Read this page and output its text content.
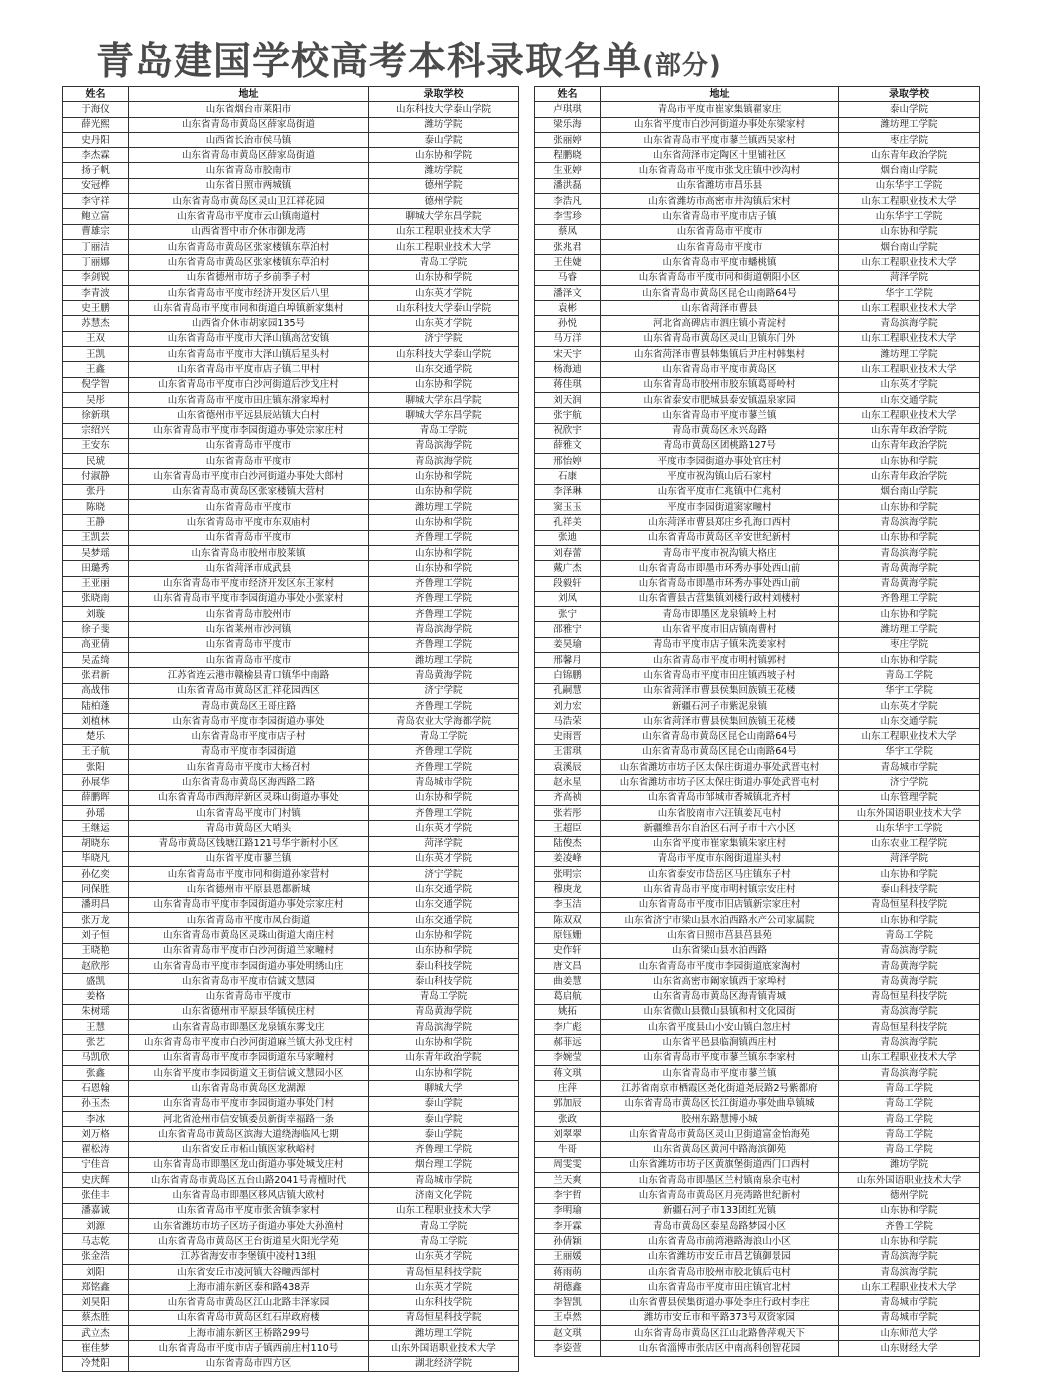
青岛建国学校高考本科录取名单(部分)
姓名	地址	录取学校
于海仪	山东省烟台市莱阳市	山东科技大学泰山学院
薛光熙	山东省青岛市黄岛区薛家岛街道	潍坊学院
史丹阳	山西省长治市侯马镇	泰山学院
李杰霖	山东省青岛市黄岛区薛家岛街道	山东协和学院
扬子帆	山东省青岛市胶南市	潍坊学院
安冠桦	山东省日照市两城镇	德州学院
李守祥	山东省青岛市黄岛区灵山卫江祥花园	德州学院
鲍立富	山东省青岛市平度市云山镇南道村	聊城大学东昌学院
曹雄宗	山西省晋中市介休市御龙湾	山东工程职业技术大学
丁丽洁	山东省青岛市黄岛区张家楼镇东草泊村	山东工程职业技术大学
丁丽娜	山东省青岛市黄岛区张家楼镇东草泊村	青岛工学院
李剑锐	山东省德州市坊子乡前季子村	山东协和学院
李青波	山东省青岛市平度市经济开发区后八里	山东英才学院
史王鹏	山东省青岛市平度市同和街道白埠镇新家集村	山东科技大学泰山学院
苏慧杰	山西省介休市胡家园135号	山东英才学院
王双	山东省青岛市平度市大泽山镇高岔安镇	济宁学院
王凯	山东省青岛市平度市大泽山镇后星头村	山东科技大学泰山学院
王鑫	山东省青岛市平度市店子镇二甲村	山东交通学院
倪学智	山东省青岛市平度市白沙河街道后沙戈庄村	山东协和学院
吴彤	山东省青岛市平度市田庄镇东滑家埠村	聊城大学东昌学院
徐新琪	山东省德州市平远县辰站镇大白村	聊城大学东昌学院
宗绍兴	山东省青岛市平度市李园街道办事处宗家庄村	青岛工学院
王安东	山东省青岛市平度市	青岛滨海学院
民琥	山东省青岛市平度市	青岛滨海学院
付淑静	山东省青岛市平度市白沙河街道办事处大郎村	山东协和学院
张丹	山东省青岛市黄岛区张家楼镇大营村	山东协和学院
陈晓	山东省青岛市平度市	潍坊理工学院
王静	山东省青岛市平度市东双庙村	山东协和学院
王凯芸	山东省青岛市平度市	齐鲁理工学院
吴梦瑶	山东省青岛市胶州市胶莱镇	山东协和学院
田璐秀	山东省菏泽市成武县	山东协和学院
王亚丽	山东省青岛市平度市经济开发区东王家村	齐鲁理工学院
张晓南	山东省青岛市平度市李园街道办事处小张家村	齐鲁理工学院
刘璇	山东省青岛市胶州市	齐鲁理工学院
徐子斐	山东省莱州市沙河镇	青岛滨海学院
高亚倩	山东省青岛市平度市	齐鲁理工学院
吴孟绮	山东省青岛市平度市	潍坊理工学院
张君新	江苏省连云港市赣榆县青口镇华中南路	青岛黄海学院
高战伟	山东省青岛市黄岛区汇祥花园西区	济宁学院
陆柏蓬	青岛市黄岛区王哥庄路	齐鲁理工学院
刘植林	山东省青岛市平度市李园街道办事处	青岛农业大学海都学院
楚乐	山东省青岛市平度市店子村	青岛工学院
王子航	青岛市平度市李园街道	齐鲁理工学院
张阳	山东省青岛市平度市大杨召村	齐鲁理工学院
孙展华	山东省青岛市黄岛区海西路二路	青岛城市学院
薛鹏晖	山东省青岛市西海岸新区灵珠山街道办事处	山东协和学院
孙瑶	山东省青岛平度市门村镇	齐鲁理工学院
王继运	青岛市黄岛区大哨头	山东英才学院
胡晓东	青岛市黄岛区钱塘江路121号华宇新村小区	菏泽学院
毕晓凡	山东省平度市蓼兰镇	山东英才学院
孙亿奕	山东省青岛市平度市同和街道孙家营村	济宁学院
同保胜	山东省德州市平原县恩都新城	山东交通学院
潘玥昌	山东省青岛市平度市李园街道办事处宗家庄村	山东交通学院
张万龙	山东省青岛市平度市凤台街道	山东交通学院
刘子恒	山东省青岛市黄岛区灵珠山街道大南庄村	山东协和学院
王晓艳	山东省青岛市平度市白沙河街道兰家疃村	山东协和学院
赵欣彤	山东省青岛市平度市李园街道办事处明绣山庄	泰山科技学院
盛凯	山东省青岛市平度市信诚文慧园	泰山科技学院
姜格	山东省青岛市平度市	青岛工学院
朱树瑶	山东省德州市平原县华镇侯庄村	青岛黄海学院
王慧	山东省青岛市即墨区龙泉镇东雾戈庄	青岛滨海学院
张艺	山东省青岛市平度市白沙河街道麻兰镇大孙戈庄村	山东协和学院
马凯欣	山东省青岛市平度市李园街道东马家疃村	山东青年政治学院
张鑫	山东省平度市李园街道文王街信诚文慧园小区	山东协和学院
石恩翰	山东省青岛市黄岛区龙湖源	聊城大学
孙玉杰	山东省青岛市平度市李园街道办事处门村	泰山学院
李冰	河北省沧州市信安镇委员新街幸福路一条	泰山学院
刘万格	山东省青岛市黄岛区滨海大道绕海临风七期	泰山学院
翟松涛	山东省安丘市柘山镇医家秋峪村	齐鲁理工学院
宁佳音	山东省青岛市即墨区龙山街道办事处城戈庄村	烟台理工学院
史庆辉	山东省青岛市黄岛区五台山路2041号青檀时代	青岛城市学院
张佳丰	山东省青岛市即墨区移风店镇大欧村	济南文化学院
潘嘉诚	山东省青岛市平度市张舍镇李家村	山东工程职业技术大学
刘源	山东省潍坊市坊子区坊子街道办事处大孙渔村	青岛工学院
马志乾	山东省青岛市黄岛区王台街道星火阳光学苑	青岛工学院
张金浩	江苏省海安市李堡镇中凌村13组	山东英才学院
刘阳	山东省安丘市凌河镇大谷疃西部村	青岛恒星科技学院
郑铭鑫	上海市浦东新区泰和路438弄	山东英才学院
刘昊阳	山东省青岛市黄岛区江山北路丰泽家园	山东科技学院
蔡杰胜	山东省青岛市黄岛区红石岸政府楼	青岛恒星科技学院
武立杰	上海市浦东新区王桥路299号	潍坊理工学院
崔佳梦	山东省青岛市平度市店子镇西前庄村110号	山东外国语职业技术大学
冷梵阳	山东省青岛市四方区	湖北经济学院
姓名	地址	录取学校
卢琪琪	青岛市平度市崔家集镇翟家庄	泰山学院
梁乐海	山东省平度市白沙河街道办事处东梁家村	潍坊理工学院
张丽婷	山东省青岛市平度市蓼兰镇西吴家村	枣庄学院
程鹏晓	山东省菏泽市定陶区十里铺社区	山东青年政治学院
生亚婷	山东省青岛市平度市张戈庄镇中沙沟村	烟台南山学院
潘洪磊	山东省潍坊市昌乐县	山东华宇工学院
李浩凡	山东省潍坊市高密市井沟镇后宋村	山东工程职业技术大学
李雪珍	山东省青岛市平度市店子镇	山东华宇工学院
蔡凤	山东省青岛市平度市	山东协和学院
张兆君	山东省青岛市平度市	烟台南山学院
王佳婕	山东省青岛市平度市蟠桃镇	山东工程职业技术大学
马睿	山东省青岛市平度市同和街道朝阳小区	菏泽学院
潘泽文	山东省青岛市黄岛区昆仑山南路64号	华宇工学院
袁彬	山东省菏泽市曹县	山东工程职业技术大学
孙悦	河北省高碑店市泗庄镇小青淀村	青岛滨海学院
马万洋	山东省青岛市黄岛区灵山卫镇东门外	山东工程职业技术大学
宋天宇	山东省菏泽市曹县韩集镇后尹庄村韩集村	潍坊理工学院
杨海迪	山东省青岛市平度市黄岛区	山东工程职业技术大学
蒋佳琪	山东省青岛市胶州市胶东镇葛哥岭村	山东英才学院
刘天润	山东省泰安市肥城县泰安镇温泉家园	山东交通学院
张宇航	山东省青岛市平度市蓼兰镇	山东工程职业技术大学
祝欣宇	青岛市黄岛区永兴岛路	山东青年政治学院
薛雅文	青岛市黄岛区团桃路127号	山东青年政治学院
邢怡婷	平度市李园街道办事处官庄村	山东协和学院
石康	平度市祝沟镇山后石家村	山东青年政治学院
李泽琳	山东省平度市仁兆镇中仁兆村	烟台南山学院
窦玉玉	平度市李园街道窦家疃村	山东协和学院
孔祥美	山东菏泽市曹县郑庄乡孔海口西村	青岛滨海学院
张迪	山东省青岛市黄岛区辛安世纪新村	山东协和学院
刘春蕾	青岛市平度市祝沟镇大格庄	青岛滨海学院
戴广杰	山东省青岛市即墨市环秀办事处西山前	青岛黄海学院
段毅轩	山东省青岛市即墨市环秀办事处西山前	青岛黄海学院
刘凤	山东省曹县古营集镇刘楼行政村刘楼村	齐鲁理工学院
张宁	青岛市即墨区龙泉镇岭上村	山东协和学院
邵雅宁	山东省平度市旧店镇南曹村	潍坊理工学院
姜昊瑜	青岛市平度市店子镇朱洗姜家村	枣庄学院
邢馨月	山东省青岛市平度市明村镇郭村	山东协和学院
白锦鹏	山东省青岛市平度市田庄镇西坡子村	青岛工学院
孔嗣慧	山东省菏泽市曹县侯集回族镇王花楼	华宇工学院
刘力宏	新疆石河子市紫泥泉镇	山东英才学院
马浩荣	山东省菏泽市曹县侯集回族镇王花楼	山东交通学院
史雨晋	山东省青岛市黄岛区昆仑山南路64号	山东工程职业技术大学
王雷琪	山东省青岛市黄岛区昆仑山南路64号	华宇工学院
袁溪辰	山东省潍坊市坊子区太保庄街道办事处武晋屯村	青岛城市学院
赵永星	山东省潍坊市坊子区太保庄街道办事处武晋屯村	济宁学院
齐高祯	山东省青岛市邹城市香城镇北齐村	山东管理学院
张若彤	山东省胶南市六汪镇姜瓦屯村	山东外国语职业技术大学
王超臣	新疆维吾尔自治区石河子市十六小区	山东华宇工学院
陆俊杰	山东省平度市崔家集镇朱家庄村	山东农业工程学院
姜凌峰	青岛市平度市东阁街道崖头村	菏泽学院
张明宗	山东省泰安市岱岳区马庄镇东子村	山东协和学院
穆庚龙	山东省青岛市平度市明村镇宗安庄村	泰山科技学院
李玉洁	山东省青岛市平度市旧店镇新宗家庄村	青岛恒星科技学院
陈双双	山东省济宁市梁山县水泊西路水产公司家属院	山东协和学院
原钰姗	山东省日照市莒县莒县苑	青岛工学院
史作轩	山东省梁山县水泊西路	青岛滨海学院
唐文昌	山东省青岛市平度市李园街道底家淘村	青岛黄海学院
曲姜慧	山东省高密市阚家镇西于家埠村	青岛黄海学院
葛启航	山东省青岛市黄岛区海青镇青城	青岛恒星科技学院
姚拓	山东省微山县微山县镇和村文化园街	青岛滨海学院
李广彪	山东省平度县山小安山镇白忽庄村	青岛恒星科技学院
郝菲远	山东省平邑县临涧镇西庄村	青岛滨海学院
李婉莹	山东省青岛市平度市蓼兰镇东李家村	山东工程职业技术大学
蒋文琪	山东省青岛市平度市蓼兰镇	青岛滨海学院
庄萍	江苏省南京市栖霞区尧化街道尧辰路2号紫都府	青岛工学院
郭加辰	山东省青岛市黄岛区长江街道办事处曲阜镇城	青岛工学院
张政	胶州东路慧博小城	青岛工学院
刘翠翠	山东省青岛市黄岛区灵山卫街道富金怡海苑	青岛工学院
牛哥	山东省黄岛区黄河中路海滨御苑	青岛工学院
周雯雯	山东省潍坊市坊子区黄旗堡街道西门口西村	潍坊学院
兰天爽	山东省青岛市即墨区兰村镇南泉余屯村	山东外国语职业技术大学
李宇哲	山东省青岛市黄岛区月亮湾路世纪新村	德州学院
李明瑜	新疆石河子市133团红光镇	山东协和学院
李开霖	青岛市黄岛区泰星岛路梦园小区	齐鲁工学院
孙倩颖	山东省青岛市前湾港路海浪山小区	山东协和学院
王丽媛	山东省潍坊市安丘市昌艺镇御景园	青岛滨海学院
蒋雨萌	山东省青岛市胶州市胶北镇后屯村	青岛滨海学院
胡德鑫	山东省青岛市平度市田庄镇官北村	山东工程职业技术大学
李智凯	山东省曹县侯集街道办事处李庄行政村李庄	青岛城市学院
王卓然	潍坊市安丘市和平路373号双资家园	青岛城市学院
赵文琪	山东省青岛市黄岛区江山北路鲁萍观天下	山东师范大学
李姿萱	山东省淄博市张店区中南高科创智花园	山东财经大学
